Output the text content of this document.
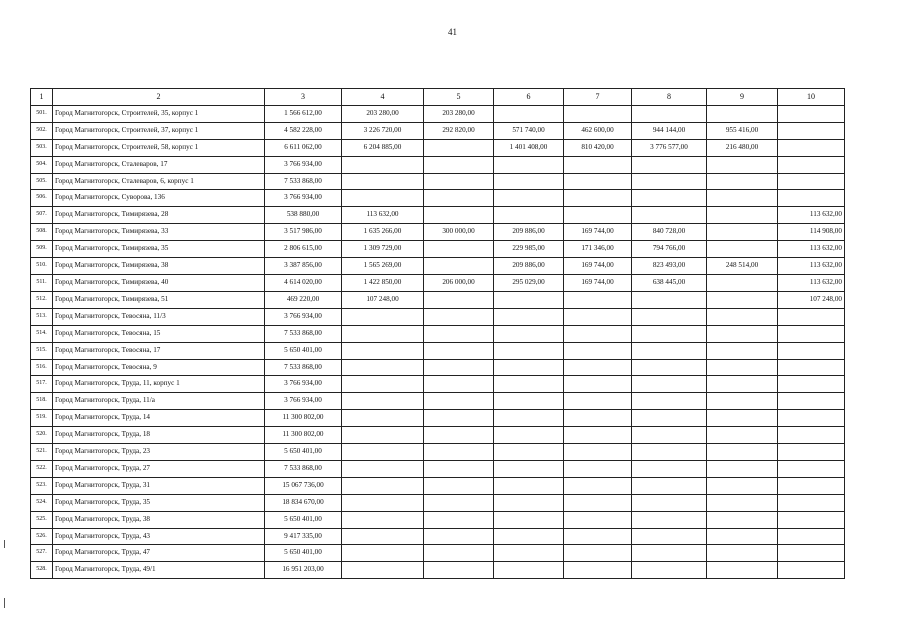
41
1	2	3	4	5	6	7	8	9	10
501.	Город Магнитогорск, Строителей, 35, корпус 1	1 566 612,00	203 280,00	203 280,00					
502.	Город Магнитогорск, Строителей, 37, корпус 1	4 582 228,00	3 226 720,00	292 820,00	571 740,00	462 600,00	944 144,00	955 416,00	
503.	Город Магнитогорск, Строителей, 58, корпус 1	6 611 062,00	6 204 885,00		1 401 408,00	810 420,00	3 776 577,00	216 480,00	
504.	Город Магнитогорск, Сталеваров, 17	3 766 934,00							
505.	Город Магнитогорск, Сталеваров, 6, корпус 1	7 533 868,00							
506.	Город Магнитогорск, Суворова, 136	3 766 934,00							
507.	Город Магнитогорск, Тимирязева, 28	538 880,00	113 632,00						113 632,00
508.	Город Магнитогорск, Тимирязева, 33	3 517 986,00	1 635 266,00	300 000,00	209 886,00	169 744,00	840 728,00		114 908,00
509.	Город Магнитогорск, Тимирязева, 35	2 806 615,00	1 309 729,00		229 985,00	171 346,00	794 766,00		113 632,00
510.	Город Магнитогорск, Тимирязева, 38	3 387 856,00	1 565 269,00		209 886,00	169 744,00	823 493,00	248 514,00	113 632,00
511.	Город Магнитогорск, Тимирязева, 40	4 614 020,00	1 422 850,00	206 000,00	295 029,00	169 744,00	638 445,00		113 632,00
512.	Город Магнитогорск, Тимирязева, 51	469 220,00	107 248,00						107 248,00
513.	Город Магнитогорск, Тевосяна, 11/3	3 766 934,00							
514.	Город Магнитогорск, Тевосяна, 15	7 533 868,00							
515.	Город Магнитогорск, Тевосяна, 17	5 650 401,00							
516.	Город Магнитогорск, Тевосяна, 9	7 533 868,00							
517.	Город Магнитогорск, Труда, 11, корпус 1	3 766 934,00							
518.	Город Магнитогорск, Труда, 11/а	3 766 934,00							
519.	Город Магнитогорск, Труда, 14	11 300 802,00							
520.	Город Магнитогорск, Труда, 18	11 300 802,00							
521.	Город Магнитогорск, Труда, 23	5 650 401,00							
522.	Город Магнитогорск, Труда, 27	7 533 868,00							
523.	Город Магнитогорск, Труда, 31	15 067 736,00							
524.	Город Магнитогорск, Труда, 35	18 834 670,00							
525.	Город Магнитогорск, Труда, 38	5 650 401,00							
526.	Город Магнитогорск, Труда, 43	9 417 335,00							
527.	Город Магнитогорск, Труда, 47	5 650 401,00							
528.	Город Магнитогорск, Труда, 49/1	16 951 203,00							
